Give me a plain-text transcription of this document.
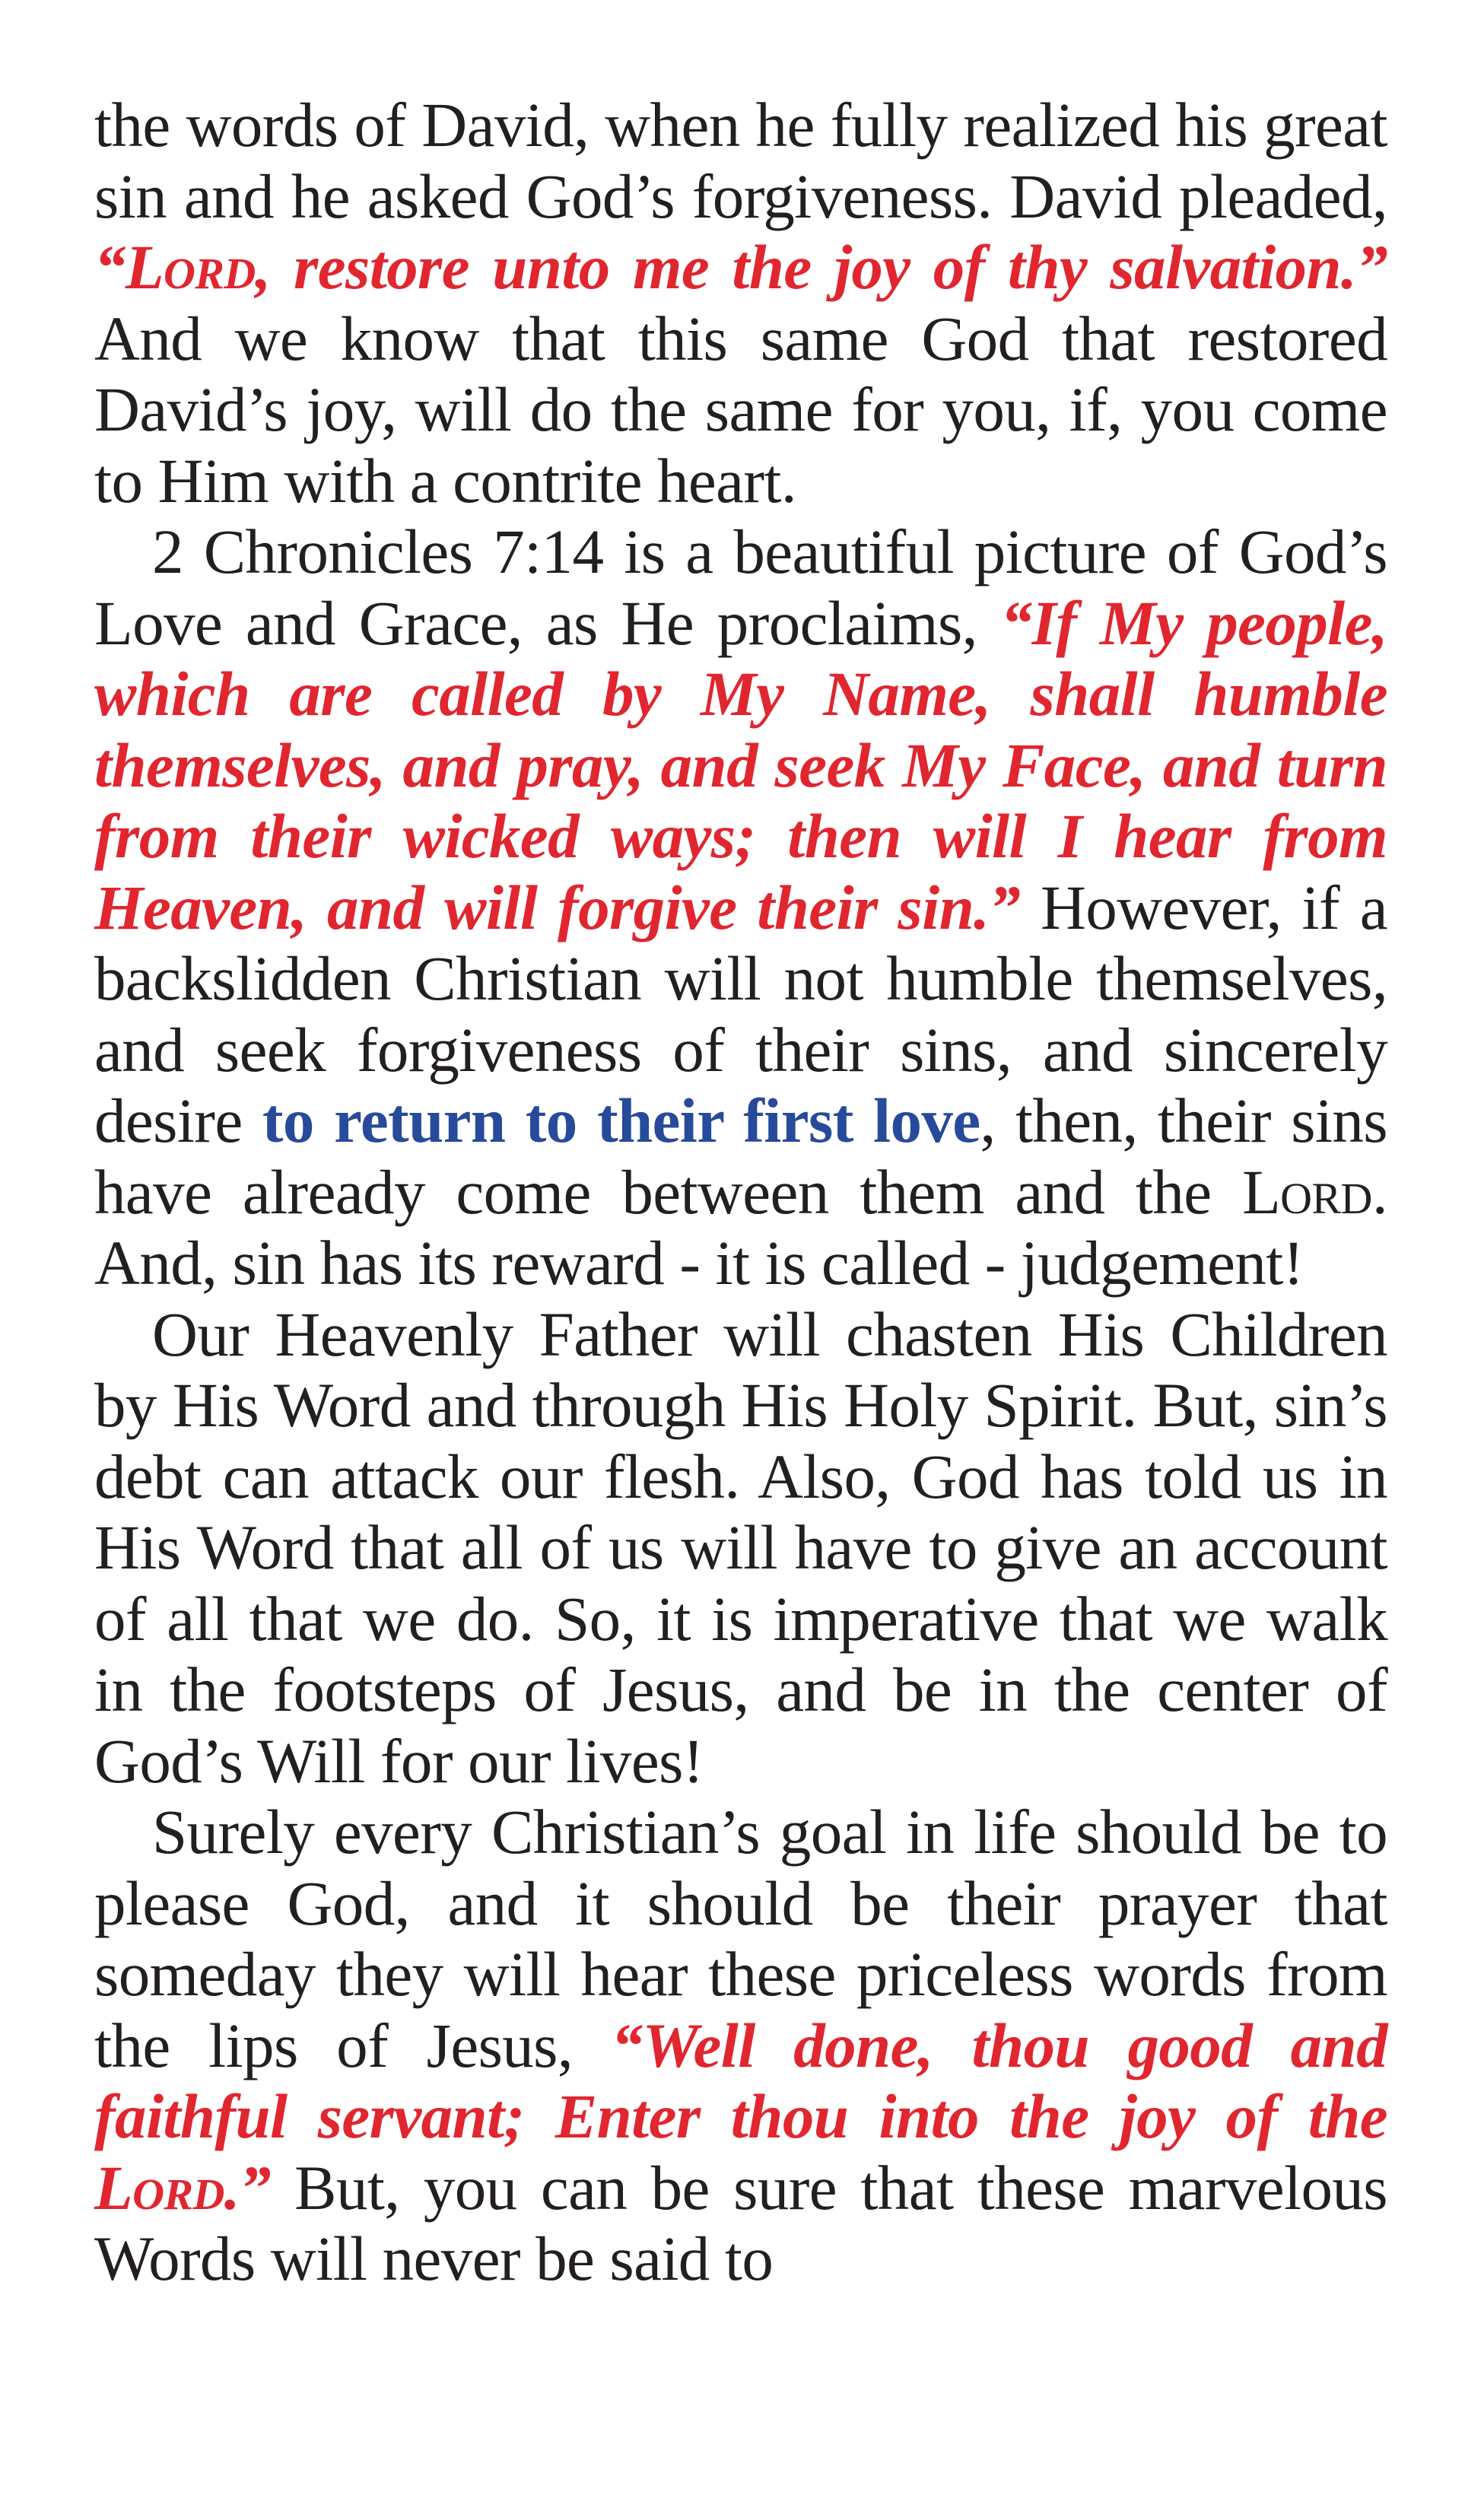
the words of David, when he fully realized his great sin and he asked God’s forgiveness. David pleaded, “Lord, restore unto me the joy of thy salvation.” And we know that this same God that restored David’s joy, will do the same for you, if, you come to Him with a contrite heart.

2 Chronicles 7:14 is a beautiful picture of God’s Love and Grace, as He proclaims, “If My people, which are called by My Name, shall humble themselves, and pray, and seek My Face, and turn from their wicked ways; then will I hear from Heaven, and will forgive their sin.” However, if a backslidden Christian will not humble themselves, and seek forgiveness of their sins, and sincerely desire to return to their first love, then, their sins have already come between them and the Lord. And, sin has its reward - it is called - judgement!

Our Heavenly Father will chasten His Children by His Word and through His Holy Spirit. But, sin’s debt can attack our flesh. Also, God has told us in His Word that all of us will have to give an account of all that we do. So, it is imperative that we walk in the footsteps of Jesus, and be in the center of God’s Will for our lives!

Surely every Christian’s goal in life should be to please God, and it should be their prayer that someday they will hear these priceless words from the lips of Jesus, “Well done, thou good and faithful servant; Enter thou into the joy of the Lord.” But, you can be sure that these marvelous Words will never be said to
